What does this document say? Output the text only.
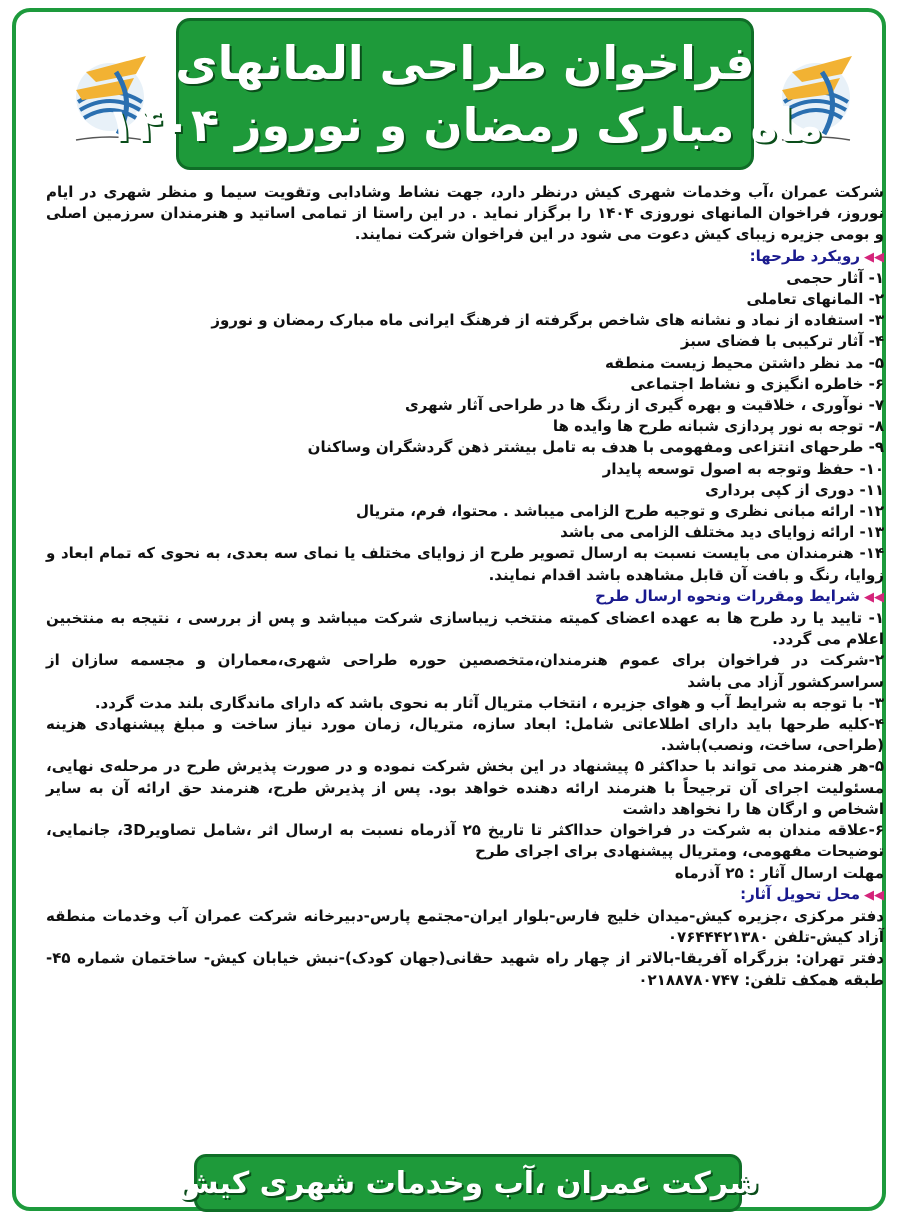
فراخوان طراحی المانهای
ماه مبارک رمضان و نوروز ۱۴۰۴

شرکت عمران ،آب وخدمات شهری کیش درنظر دارد، جهت نشاط وشادابی وتقویت سیما و منظر شهری در ایام نوروز، فراخوان المانهای نوروزی ۱۴۰۴ را برگزار نماید . در این راستا از تمامی اساتید و هنرمندان سرزمین اصلی و بومی جزیره زیبای کیش دعوت می شود در این فراخوان شرکت نمایند.

◀◀رویکرد طرحها:

۱- آثار حجمی

۲- المانهای تعاملی

۳- استفاده از نماد و نشانه های شاخص برگرفته از فرهنگ ایرانی ماه مبارک رمضان و نوروز

۴- آثار ترکیبی با فضای سبز

۵- مد نظر داشتن محیط زیست منطقه

۶- خاطره انگیزی و نشاط اجتماعی

۷- نوآوری ، خلاقیت و بهره گیری از رنگ ها در طراحی آثار شهری

۸- توجه به نور پردازی شبانه طرح ها وایده ها

۹- طرحهای انتزاعی ومفهومی با هدف به تامل بیشتر ذهن گردشگران وساکنان

۱۰- حفظ وتوجه به اصول توسعه پایدار

۱۱- دوری از کپی برداری

۱۲- ارائه مبانی نظری و توجیه طرح الزامی میباشد . محتوا، فرم، متریال

۱۳- ارائه زوایای دید مختلف الزامی می باشد

۱۴- هنرمندان می بایست نسبت به ارسال تصویر طرح از زوایای مختلف یا نمای سه بعدی، به نحوی که تمام ابعاد و زوایا، رنگ و بافت آن قابل مشاهده باشد اقدام نمایند.

◀◀شرایط ومقررات ونحوه ارسال طرح

۱- تایید یا رد طرح ها به عهده اعضای کمیته منتخب زیباسازی شرکت میباشد و پس از بررسی ، نتیجه به منتخبین اعلام می گردد.

۲-شرکت در فراخوان برای عموم هنرمندان،متخصصین حوره طراحی شهری،معماران و مجسمه سازان از سراسرکشور آزاد می باشد

۳- با توجه به شرایط آب و هوای جزیره ، انتخاب متریال آثار به نحوی باشد که دارای ماندگاری بلند مدت گردد.

۴-کلیه طرحها باید دارای اطلاعاتی شامل: ابعاد سازه، متریال، زمان مورد نیاز ساخت و مبلغ پیشنهادی هزینه (طراحی، ساخت، ونصب)باشد.

۵-هر هنرمند می تواند با حداکثر ۵ پیشنهاد در این بخش شرکت نموده و در صورت پذیرش طرح در مرحله‌ی نهایی، مسئولیت اجرای آن ترجیحاً با هنرمند ارائه دهنده خواهد بود. پس از پذیرش طرح، هنرمند حق ارائه آن به سایر اشخاص و ارگان ها را نخواهد داشت

۶-علاقه مندان به شرکت در فراخوان حدااکثر تا تاریخ ۲۵ آذرماه نسبت به ارسال اثر ،شامل تصاویر3D، جانمایی، توضیحات مفهومی، ومتریال پیشنهادی برای اجرای طرح

مهلت ارسال آثار : ۲۵ آذرماه

◀◀محل تحویل آثار:

دفتر مرکزی ،جزیره کیش-میدان خلیج فارس-بلوار ایران-مجتمع پارس-دبیرخانه شرکت عمران آب وخدمات منطقه آزاد کیش-تلفن ۰۷۶۴۴۴۲۱۳۸۰

دفتر تهران: بزرگراه آفریقا-بالاتر از چهار راه شهید حقانی(جهان کودک)-نبش خیابان کیش- ساختمان شماره ۴۵-طبقه همکف تلفن: ۰۲۱۸۸۷۸۰۷۴۷

شرکت عمران ،آب وخدمات شهری کیش
